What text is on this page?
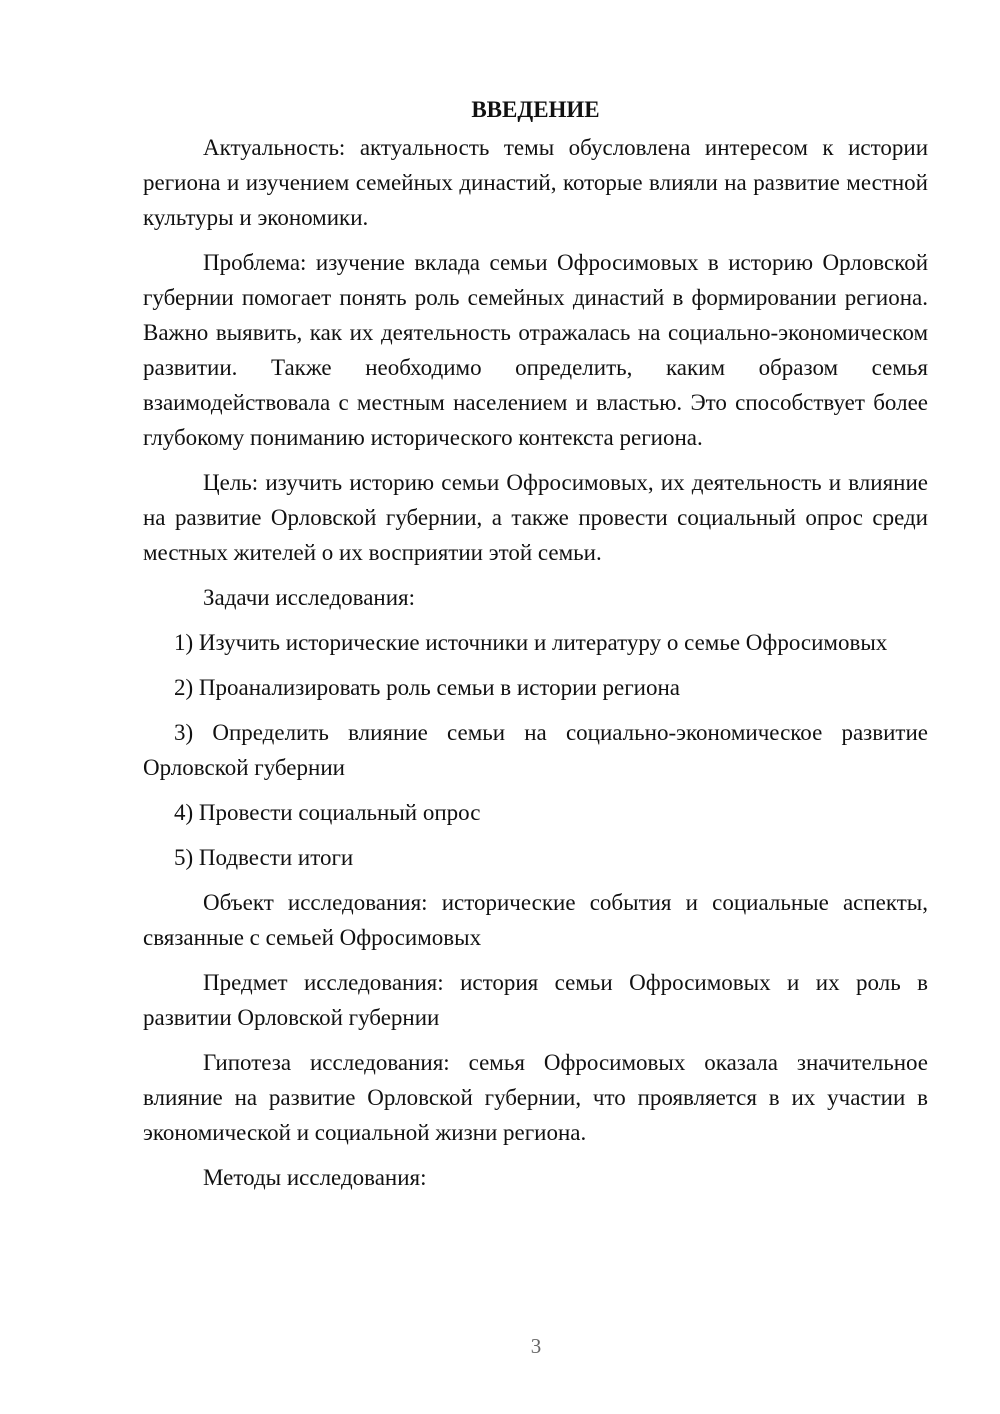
ВВЕДЕНИЕ

Актуальность: актуальность темы обусловлена интересом к истории региона и изучением семейных династий, которые влияли на развитие местной культуры и экономики.

Проблема: изучение вклада семьи Офросимовых в историю Орловской губернии помогает понять роль семейных династий в формировании региона. Важно выявить, как их деятельность отражалась на социально-экономическом развитии. Также необходимо определить, каким образом семья взаимодействовала с местным населением и властью. Это способствует более глубокому пониманию исторического контекста региона.

Цель: изучить историю семьи Офросимовых, их деятельность и влияние на развитие Орловской губернии, а также провести социальный опрос среди местных жителей о их восприятии этой семьи.

Задачи исследования:

1) Изучить исторические источники и литературу о семье Офросимовых

2) Проанализировать роль семьи в истории региона

3) Определить влияние семьи на социально-экономическое развитие Орловской губернии

4) Провести социальный опрос

5) Подвести итоги

Объект исследования: исторические события и социальные аспекты, связанные с семьей Офросимовых

Предмет исследования: история семьи Офросимовых и их роль в развитии Орловской губернии

Гипотеза исследования: семья Офросимовых оказала значительное влияние на развитие Орловской губернии, что проявляется в их участии в экономической и социальной жизни региона.

Методы исследования:

3
